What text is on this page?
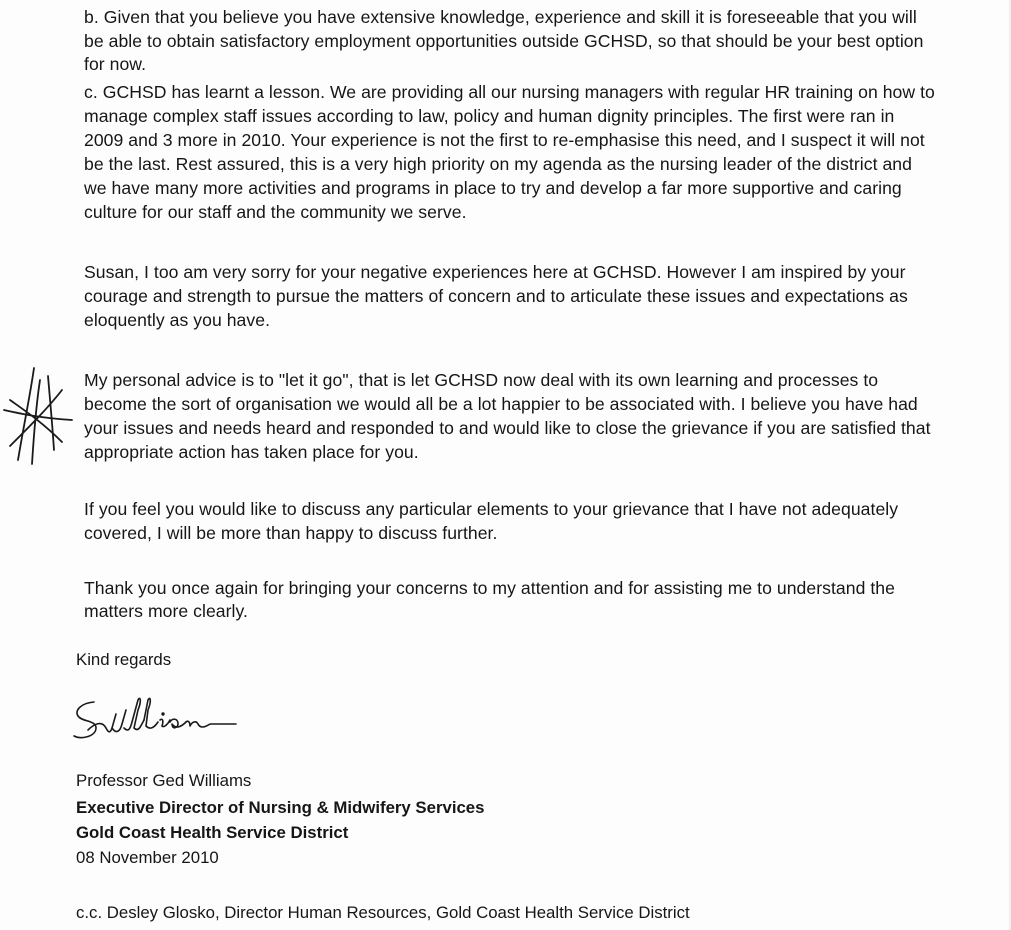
b. Given that you believe you have extensive knowledge, experience and skill it is foreseeable that you will
be able to obtain satisfactory employment opportunities outside GCHSD, so that should be your best option
for now.
c. GCHSD has learnt a lesson. We are providing all our nursing managers with regular HR training on how to
manage complex staff issues according to law, policy and human dignity principles. The first were ran in
2009 and 3 more in 2010. Your experience is not the first to re-emphasise this need, and I suspect it will not
be the last. Rest assured, this is a very high priority on my agenda as the nursing leader of the district and
we have many more activities and programs in place to try and develop a far more supportive and caring
culture for our staff and the community we serve.
Susan, I too am very sorry for your negative experiences here at GCHSD. However I am inspired by your
courage and strength to pursue the matters of concern and to articulate these issues and expectations as
eloquently as you have.
My personal advice is to "let it go", that is let GCHSD now deal with its own learning and processes to
become the sort of organisation we would all be a lot happier to be associated with. I believe you have had
your issues and needs heard and responded to and would like to close the grievance if you are satisfied that
appropriate action has taken place for you.
If you feel you would like to discuss any particular elements to your grievance that I have not adequately
covered, I will be more than happy to discuss further.
Thank you once again for bringing your concerns to my attention and for assisting me to understand the
matters more clearly.
Kind regards
Professor Ged Williams
Executive Director of Nursing & Midwifery Services
Gold Coast Health Service District
08 November 2010
c.c. Desley Glosko, Director Human Resources, Gold Coast Health Service District
